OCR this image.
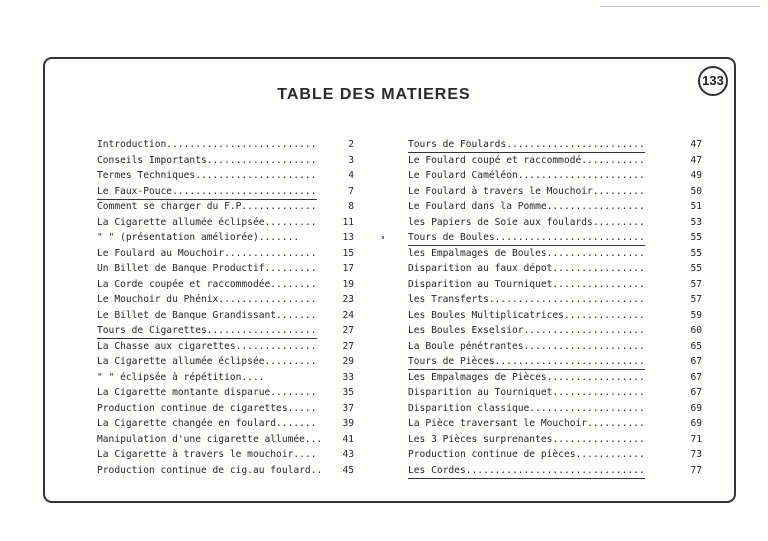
TABLE DES MATIERES
133
Introduction..........................	2
Conseils Importants...................	3
Termes Techniques.....................	4
Le Faux-Pouce.........................	7
Comment se charger du F.P.............	8
La Cigarette allumée éclipsée.........	11
" " (présentation améliorée).......	13
Le Foulard au Mouchoir................	15
Un Billet de Banque Productif.........	17
La Corde coupée et raccommodée........	19
Le Mouchoir du Phénix.................	23
Le Billet de Banque Grandissant.......	24
Tours de Cigarettes...................	27
La Chasse aux cigarettes..............	27
La Cigarette allumée éclipsée.........	29
" " éclipsée à répétition....	33
La Cigarette montante disparue........	35
Production continue de cigarettes.....	37
La Cigarette changée en foulard.......	39
Manipulation d'une cigarette allumée... 41
La Cigarette à travers le mouchoir....	43
Production continue de cig.au foulard.. 45
Tours de Foulards........................	47
Le Foulard coupé et raccommodé...........	47
Le Foulard Caméléon......................	49
Le Foulard à travers le Mouchoir.........	50
Le Foulard dans la Pomme.................	51
les Papiers de Soie aux foulards.........	53
Tours de Boules..........................	55
les Empalmages de Boules.................	55
Disparition au faux dépot................	55
Disparition au Tourniquet................	57
les Transferts...........................	57
Les Boules Multiplicatrices..............	59
Les Boules Exselsior.....................	60
La Boule pénétrantes.....................	65
Tours de Pièces..........................	67
Les Empalmages de Pièces.................	67
Disparition au Tourniquet................	67
Disparition classique....................	69
La Pièce traversant le Mouchoir..........	69
Les 3 Pièces surprenantes................	71
Production continue de pièces............	73
Les Cordes...............................	77
